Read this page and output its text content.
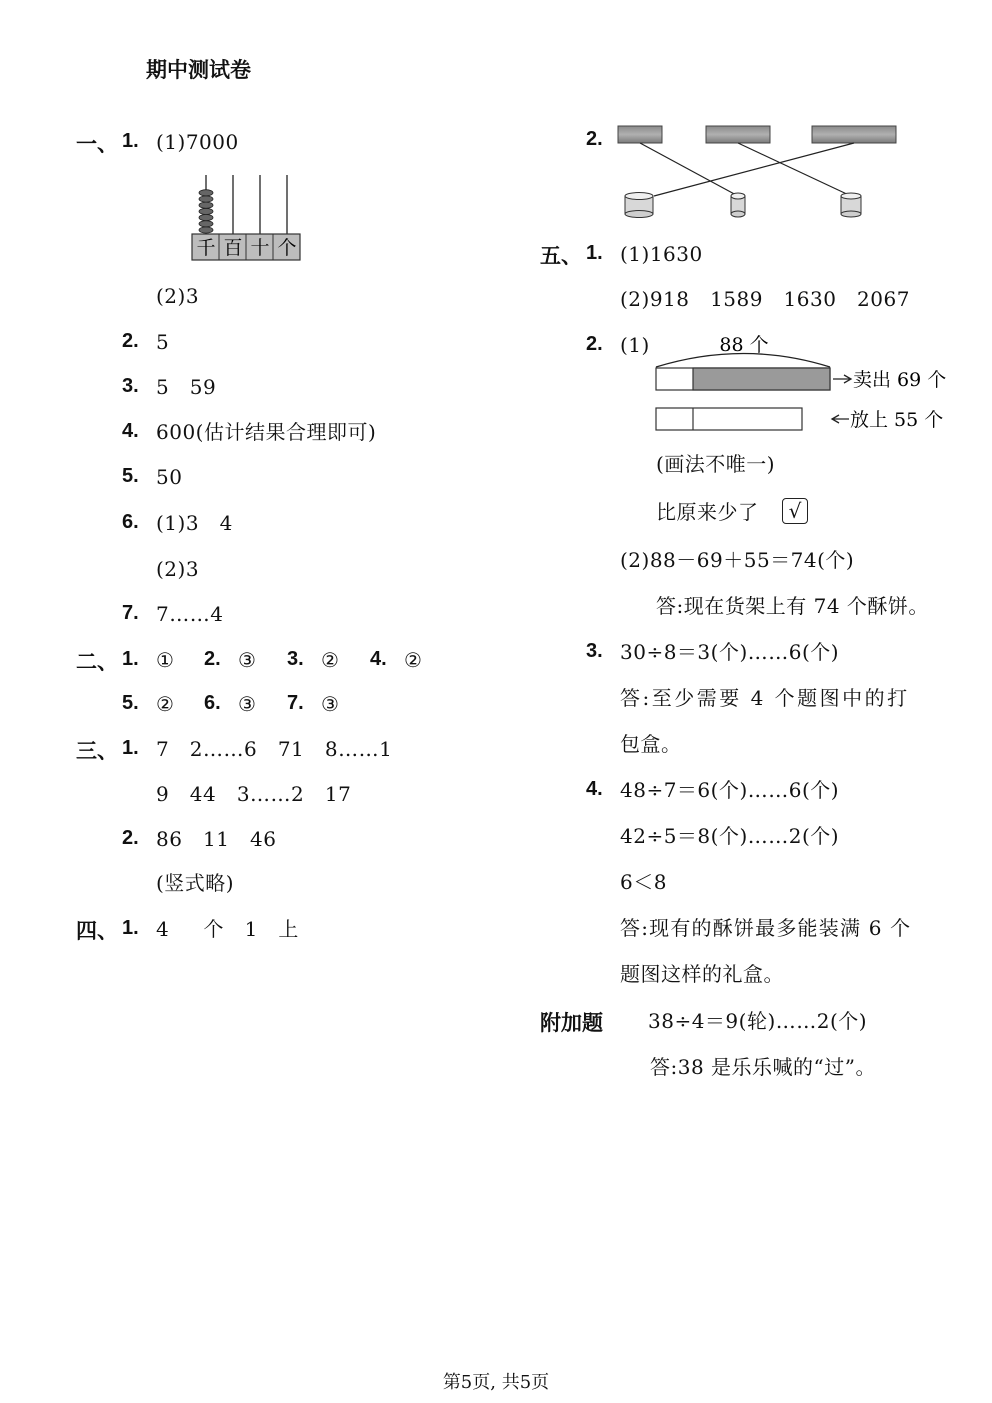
期中测试卷
一、 1. (1)7000
千 百 十 个
(2)3
2. 5
3. 5   59
4. 600(估计结果合理即可)
5. 50
6. (1)3   4
(2)3
7. 7……4
二、 1. ① 2. ③ 3. ② 4. ②
5. ② 6. ③ 7. ③
三、 1. 7   2……6   71   8……1
9   44   3……2   17
2. 86   11   46
(竖式略)
四、 1. 4     个   1   上
2.
五、 1. (1)1630
(2)918   1589   1630   2067
2. (1)	88 个
卖出 69 个
放上 55 个
(画法不唯一)
比原来少了	√
(2)88－69＋55＝74(个)
答:现在货架上有 74 个酥饼。
3. 30÷8＝3(个)……6(个)
答:至少需要 4 个题图中的打
包盒。
4. 48÷7＝6(个)……6(个)
42÷5＝8(个)……2(个)
6＜8
答:现有的酥饼最多能装满 6 个
题图这样的礼盒。
附加题 38÷4＝9(轮)……2(个)
答:38 是乐乐喊的“过”。
第5页, 共5页
